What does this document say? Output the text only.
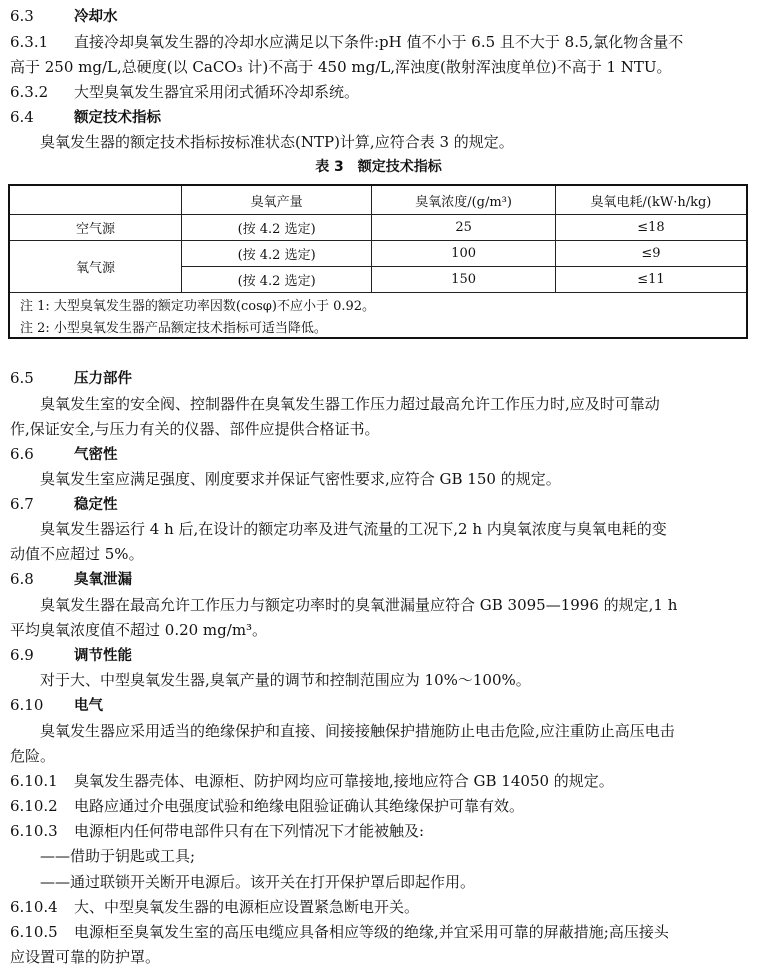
6.3	冷却水
6.3.1 直接冷却臭氧发生器的冷却水应满足以下条件:pH 值不小于 6.5 且不大于 8.5,氯化物含量不
高于 250 mg/L,总硬度(以 CaCO₃ 计)不高于 450 mg/L,浑浊度(散射浑浊度单位)不高于 1 NTU。
6.3.2 大型臭氧发生器宜采用闭式循环冷却系统。
6.4	额定技术指标
臭氧发生器的额定技术指标按标准状态(NTP)计算,应符合表 3 的规定。
表 3　额定技术指标
	臭氧产量	臭氧浓度/(g/m³)	臭氧电耗/(kW·h/kg)
空气源	(按 4.2 选定)	25	≤18
氧气源	(按 4.2 选定)	100	≤9
	(按 4.2 选定)	150	≤11
注 1: 大型臭氧发生器的额定功率因数(cosφ)不应小于 0.92。			
注 2: 小型臭氧发生器产品额定技术指标可适当降低。			
6.5	压力部件
臭氧发生室的安全阀、控制器件在臭氧发生器工作压力超过最高允许工作压力时,应及时可靠动
作,保证安全,与压力有关的仪器、部件应提供合格证书。
6.6	气密性
臭氧发生室应满足强度、刚度要求并保证气密性要求,应符合 GB 150 的规定。
6.7	稳定性
臭氧发生器运行 4 h 后,在设计的额定功率及进气流量的工况下,2 h 内臭氧浓度与臭氧电耗的变
动值不应超过 5%。
6.8	臭氧泄漏
臭氧发生器在最高允许工作压力与额定功率时的臭氧泄漏量应符合 GB 3095—1996 的规定,1 h
平均臭氧浓度值不超过 0.20 mg/m³。
6.9	调节性能
对于大、中型臭氧发生器,臭氧产量的调节和控制范围应为 10%～100%。
6.10 电气
臭氧发生器应采用适当的绝缘保护和直接、间接接触保护措施防止电击危险,应注重防止高压电击
危险。
6.10.1 臭氧发生器壳体、电源柜、防护网均应可靠接地,接地应符合 GB 14050 的规定。
6.10.2 电路应通过介电强度试验和绝缘电阻验证确认其绝缘保护可靠有效。
6.10.3 电源柜内任何带电部件只有在下列情况下才能被触及:
——借助于钥匙或工具;
——通过联锁开关断开电源后。该开关在打开保护罩后即起作用。
6.10.4 大、中型臭氧发生器的电源柜应设置紧急断电开关。
6.10.5 电源柜至臭氧发生室的高压电缆应具备相应等级的绝缘,并宜采用可靠的屏蔽措施;高压接头
应设置可靠的防护罩。
